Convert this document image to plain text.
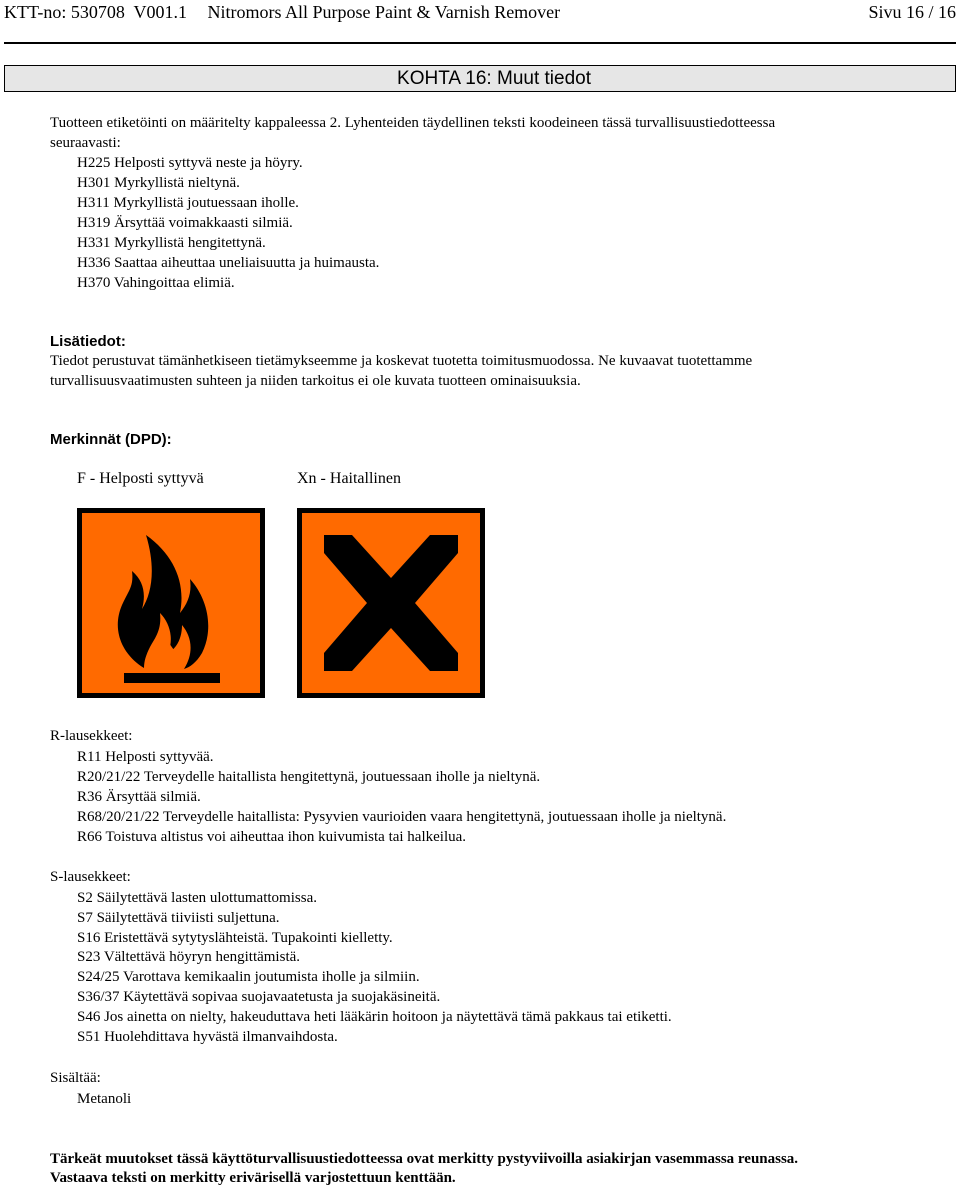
KTT-no: 530708  V001.1 Nitromors All Purpose Paint & Varnish Remover	Sivu 16 / 16
KOHTA 16: Muut tiedot
Tuotteen etiketöinti on määritelty kappaleessa 2. Lyhenteiden täydellinen teksti koodeineen tässä turvallisuustiedotteessa
seuraavasti:
H225 Helposti syttyvä neste ja höyry.
H301 Myrkyllistä nieltynä.
H311 Myrkyllistä joutuessaan iholle.
H319 Ärsyttää voimakkaasti silmiä.
H331 Myrkyllistä hengitettynä.
H336 Saattaa aiheuttaa uneliaisuutta ja huimausta.
H370 Vahingoittaa elimiä.
Lisätiedot:
Tiedot perustuvat tämänhetkiseen tietämykseemme ja koskevat tuotetta toimitusmuodossa. Ne kuvaavat tuotettamme
turvallisuusvaatimusten suhteen ja niiden tarkoitus ei ole kuvata tuotteen ominaisuuksia.
Merkinnät (DPD):
F - Helposti syttyvä	Xn - Haitallinen
R-lausekkeet:
R11 Helposti syttyvää.
R20/21/22 Terveydelle haitallista hengitettynä, joutuessaan iholle ja nieltynä.
R36 Ärsyttää silmiä.
R68/20/21/22 Terveydelle haitallista: Pysyvien vaurioiden vaara hengitettynä, joutuessaan iholle ja nieltynä.
R66 Toistuva altistus voi aiheuttaa ihon kuivumista tai halkeilua.
S-lausekkeet:
S2 Säilytettävä lasten ulottumattomissa.
S7 Säilytettävä tiiviisti suljettuna.
S16 Eristettävä sytytyslähteistä. Tupakointi kielletty.
S23 Vältettävä höyryn hengittämistä.
S24/25 Varottava kemikaalin joutumista iholle ja silmiin.
S36/37 Käytettävä sopivaa suojavaatetusta ja suojakäsineitä.
S46 Jos ainetta on nielty, hakeuduttava heti lääkärin hoitoon ja näytettävä tämä pakkaus tai etiketti.
S51 Huolehdittava hyvästä ilmanvaihdosta.
Sisältää:
Metanoli
Tärkeät muutokset tässä käyttöturvallisuustiedotteessa ovat merkitty pystyviivoilla asiakirjan vasemmassa reunassa.
Vastaava teksti on merkitty erivärisellä varjostettuun kenttään.
